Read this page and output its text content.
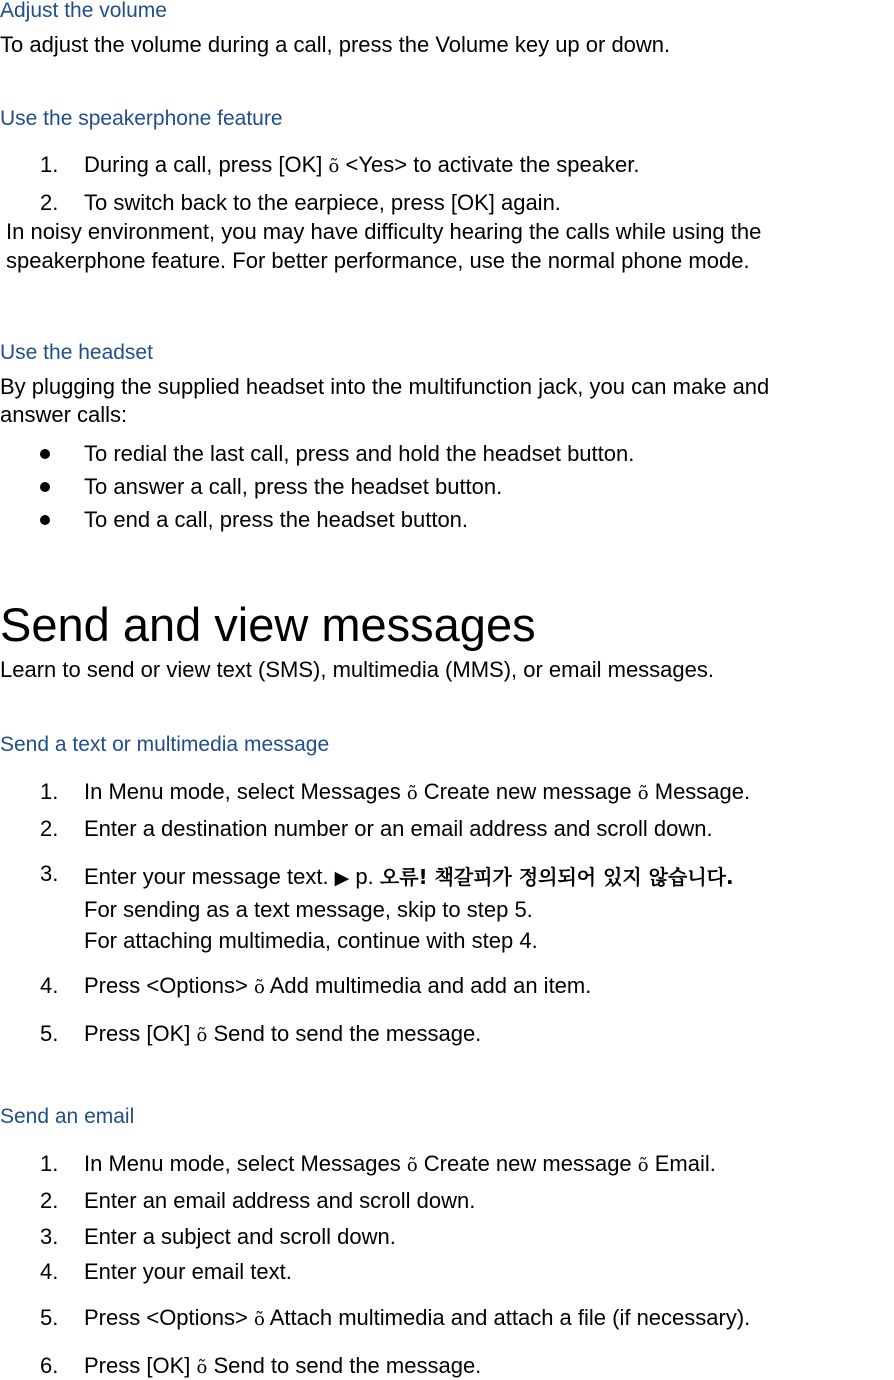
Adjust the volume
To adjust the volume during a call, press the Volume key up or down.
Use the speakerphone feature
1. During a call, press [OK] õ <Yes> to activate the speaker.
2. To switch back to the earpiece, press [OK] again.
In noisy environment, you may have difficulty hearing the calls while using the
speakerphone feature. For better performance, use the normal phone mode.
Use the headset
By plugging the supplied headset into the multifunction jack, you can make and
answer calls:
To redial the last call, press and hold the headset button.
To answer a call, press the headset button.
To end a call, press the headset button.
Send and view messages
Learn to send or view text (SMS), multimedia (MMS), or email messages.
Send a text or multimedia message
1. In Menu mode, select Messages õ Create new message õ Message.
2. Enter a destination number or an email address and scroll down.
3. Enter your message text. ▶ p. 오류! 책갈피가 정의되어 있지 않습니다.
For sending as a text message, skip to step 5.
For attaching multimedia, continue with step 4.
4. Press <Options> õ Add multimedia and add an item.
5. Press [OK] õ Send to send the message.
Send an email
1. In Menu mode, select Messages õ Create new message õ Email.
2. Enter an email address and scroll down.
3. Enter a subject and scroll down.
4. Enter your email text.
5. Press <Options> õ Attach multimedia and attach a file (if necessary).
6. Press [OK] õ Send to send the message.
